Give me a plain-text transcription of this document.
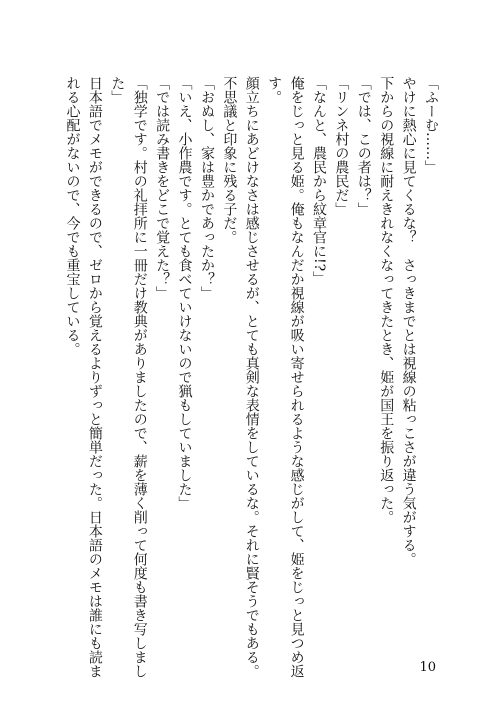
「ふーむ……」

やけに熱心に見てくるな？　さっきまでとは視線の粘っこさが違う気がする。

下からの視線に耐えきれなくなってきたとき、姫が国王を振り返った。

「では、この者は？」

「リンネ村の農民だ」

「なんと、農民から紋章官に!?」

俺をじっと見る姫。俺もなんだか視線が吸い寄せられるような感じがして、姫をじっと見つめ返

す。

顔立ちにあどけなさは感じさせるが、とても真剣な表情をしているな。それに賢そうでもある。

不思議と印象に残る子だ。

「おぬし、家は豊かであったか？」

「いえ、小作農です。とても食べていけないので猟もしていました」

「では読み書きをどこで覚えた？」

「独学です。村の礼拝所に一冊だけ教典がありましたので、薪を薄く削って何度も書き写しまし

た」

日本語でメモができるので、ゼロから覚えるよりずっと簡単だった。日本語のメモは誰にも読ま

れる心配がないので、今でも重宝している。

10
